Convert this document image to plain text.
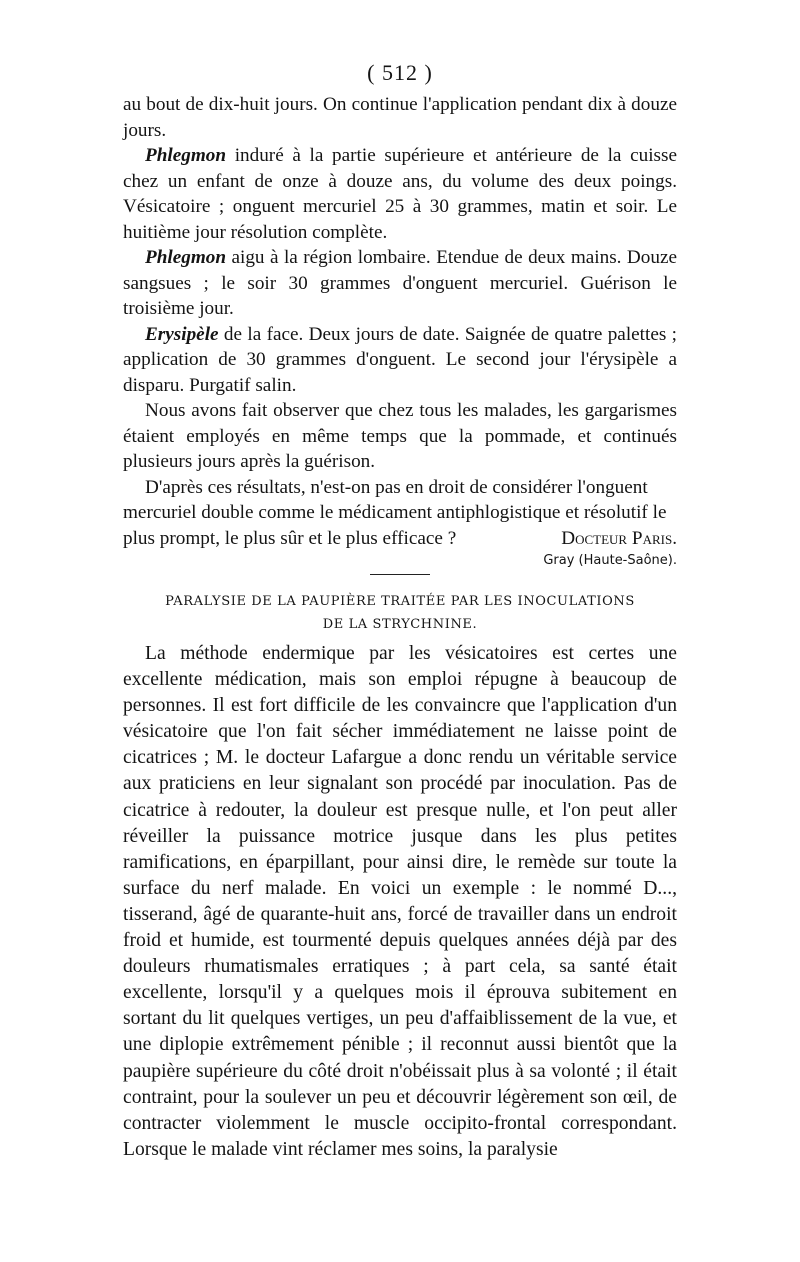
( 512 )

au bout de dix-huit jours. On continue l'application pendant dix à douze jours.

Phlegmon induré à la partie supérieure et antérieure de la cuisse chez un enfant de onze à douze ans, du volume des deux poings. Vésicatoire ; onguent mercuriel 25 à 30 grammes, matin et soir. Le huitième jour résolution complète.

Phlegmon aigu à la région lombaire. Etendue de deux mains. Douze sangsues ; le soir 30 grammes d'onguent mercuriel. Guérison le troisième jour.

Erysipèle de la face. Deux jours de date. Saignée de quatre palettes ; application de 30 grammes d'onguent. Le second jour l'érysipèle a disparu. Purgatif salin.

Nous avons fait observer que chez tous les malades, les gargarismes étaient employés en même temps que la pommade, et continués plusieurs jours après la guérison.

D'après ces résultats, n'est-on pas en droit de considérer l'onguent mercuriel double comme le médicament antiphlogistique et résolutif le plus prompt, le plus sûr et le plus efficace ?	Docteur Paris.

Gray (Haute-Saône).

PARALYSIE DE LA PAUPIÈRE TRAITÉE PAR LES INOCULATIONS
DE LA STRYCHNINE.

La méthode endermique par les vésicatoires est certes une excellente médication, mais son emploi répugne à beaucoup de personnes. Il est fort difficile de les convaincre que l'application d'un vésicatoire que l'on fait sécher immédiatement ne laisse point de cicatrices ; M. le docteur Lafargue a donc rendu un véritable service aux praticiens en leur signalant son procédé par inoculation. Pas de cicatrice à redouter, la douleur est presque nulle, et l'on peut aller réveiller la puissance motrice jusque dans les plus petites ramifications, en éparpillant, pour ainsi dire, le remède sur toute la surface du nerf malade. En voici un exemple : le nommé D..., tisserand, âgé de quarante-huit ans, forcé de travailler dans un endroit froid et humide, est tourmenté depuis quelques années déjà par des douleurs rhumatismales erratiques ; à part cela, sa santé était excellente, lorsqu'il y a quelques mois il éprouva subitement en sortant du lit quelques vertiges, un peu d'affaiblissement de la vue, et une diplopie extrêmement pénible ; il reconnut aussi bientôt que la paupière supérieure du côté droit n'obéissait plus à sa volonté ; il était contraint, pour la soulever un peu et découvrir légèrement son œil, de contracter violemment le muscle occipito-frontal correspondant. Lorsque le malade vint réclamer mes soins, la paralysie
